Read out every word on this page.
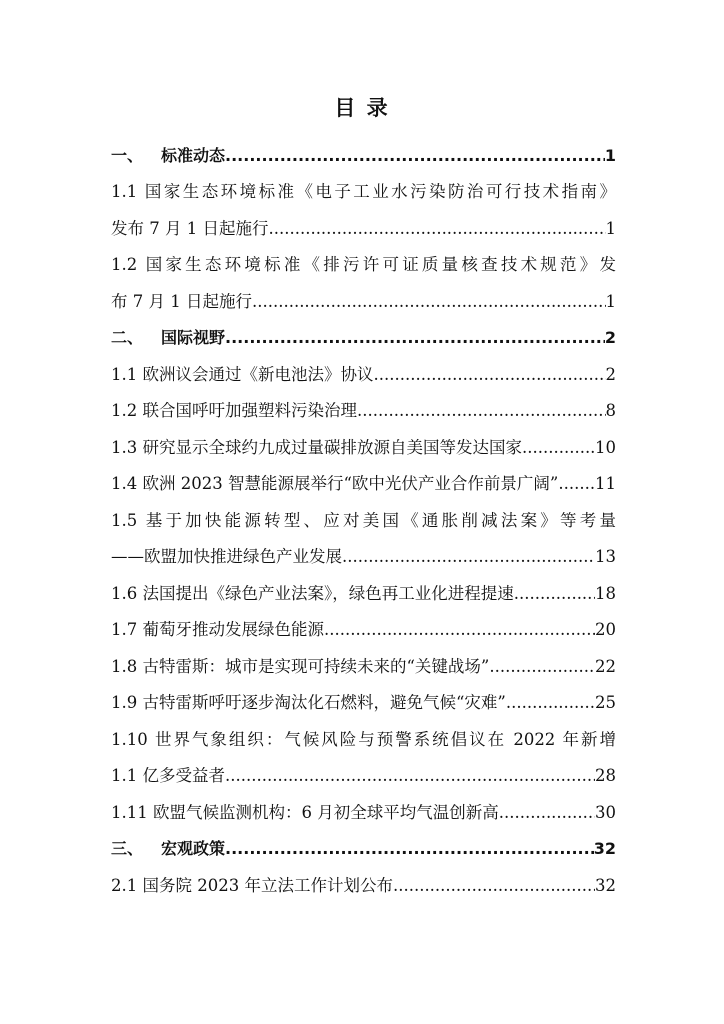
目 录
一、 标准动态 .....	1
1.1 国家生态环境标准《电子工业水污染防治可行技术指南》
发布 7 月 1 日起施行 .....	1
1.2 国家生态环境标准《排污许可证质量核查技术规范》发
布 7 月 1 日起施行 .....	1
二、 国际视野 .....	2
1.1 欧洲议会通过《新电池法》协议 .....	2
1.2 联合国呼吁加强塑料污染治理 .....	8
1.3 研究显示全球约九成过量碳排放源自美国等发达国家 .....	10
1.4 欧洲 2023 智慧能源展举行“欧中光伏产业合作前景广阔” ..... 11
1.5 基于加快能源转型、应对美国《通胀削减法案》等考量
——欧盟加快推进绿色产业发展 .....	13
1.6 法国提出《绿色产业法案》，绿色再工业化进程提速 .....	18
1.7 葡萄牙推动发展绿色能源 .....	20
1.8 古特雷斯：城市是实现可持续未来的“关键战场” .....	22
1.9 古特雷斯呼吁逐步淘汰化石燃料，避免气候“灾难” .....	25
1.10 世界气象组织：气候风险与预警系统倡议在 2022 年新增
1.1 亿多受益者 .....	28
1.11 欧盟气候监测机构：6 月初全球平均气温创新高 .....	30
三、 宏观政策 .....	32
2.1 国务院 2023 年立法工作计划公布 .....	32
